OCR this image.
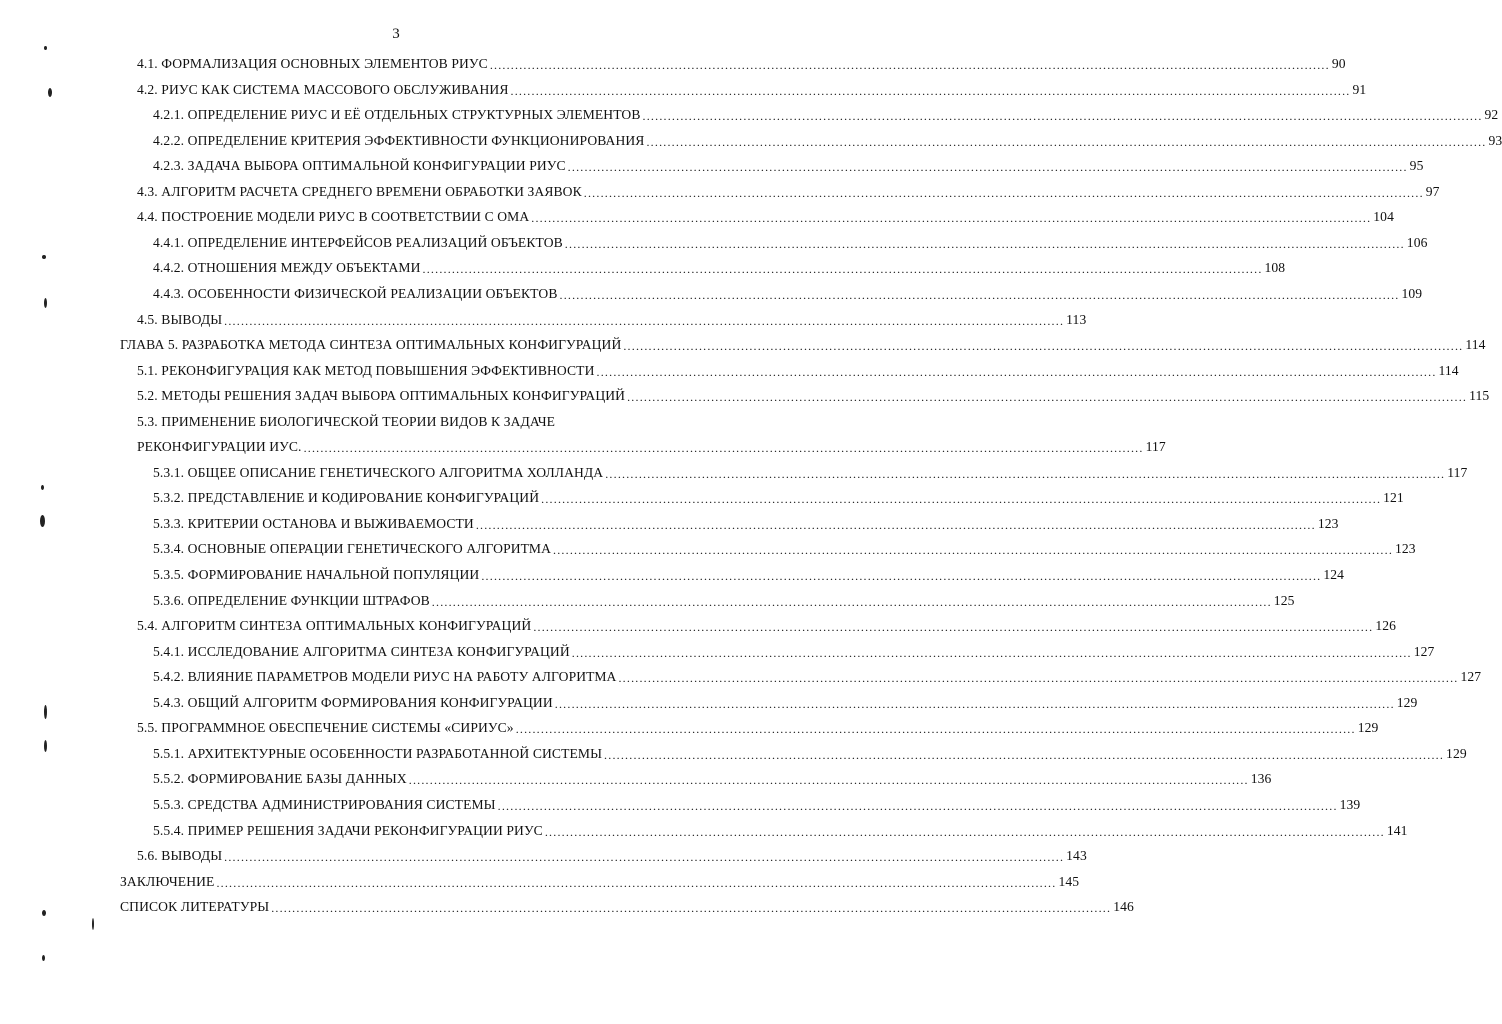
3
4.1. ФОРМАЛИЗАЦИЯ ОСНОВНЫХ ЭЛЕМЕНТОВ РИУС ........................................................................................................................................................................................................ 90
4.2. РИУС КАК СИСТЕМА МАССОВОГО ОБСЛУЖИВАНИЯ ........................................................................................................................................................................................................ 91
4.2.1. ОПРЕДЕЛЕНИЕ РИУС И ЕЁ ОТДЕЛЬНЫХ СТРУКТУРНЫХ ЭЛЕМЕНТОВ ........................................................................................................................................................................................................ 92
4.2.2. ОПРЕДЕЛЕНИЕ КРИТЕРИЯ ЭФФЕКТИВНОСТИ ФУНКЦИОНИРОВАНИЯ ........................................................................................................................................................................................................ 93
4.2.3. ЗАДАЧА ВЫБОРА ОПТИМАЛЬНОЙ КОНФИГУРАЦИИ РИУС ........................................................................................................................................................................................................ 95
4.3. АЛГОРИТМ РАСЧЕТА СРЕДНЕГО ВРЕМЕНИ ОБРАБОТКИ ЗАЯВОК ........................................................................................................................................................................................................ 97
4.4. ПОСТРОЕНИЕ МОДЕЛИ РИУС В СООТВЕТСТВИИ С ОМА ........................................................................................................................................................................................................ 104
4.4.1. ОПРЕДЕЛЕНИЕ ИНТЕРФЕЙСОВ РЕАЛИЗАЦИЙ ОБЪЕКТОВ ........................................................................................................................................................................................................ 106
4.4.2. ОТНОШЕНИЯ МЕЖДУ ОБЪЕКТАМИ ........................................................................................................................................................................................................ 108
4.4.3. ОСОБЕННОСТИ ФИЗИЧЕСКОЙ РЕАЛИЗАЦИИ ОБЪЕКТОВ ........................................................................................................................................................................................................ 109
4.5. ВЫВОДЫ ........................................................................................................................................................................................................ 113
ГЛАВА 5. РАЗРАБОТКА МЕТОДА СИНТЕЗА ОПТИМАЛЬНЫХ КОНФИГУРАЦИЙ ........................................................................................................................................................................................................ 114
5.1. РЕКОНФИГУРАЦИЯ КАК МЕТОД ПОВЫШЕНИЯ ЭФФЕКТИВНОСТИ ........................................................................................................................................................................................................ 114
5.2. МЕТОДЫ РЕШЕНИЯ ЗАДАЧ ВЫБОРА ОПТИМАЛЬНЫХ КОНФИГУРАЦИЙ ........................................................................................................................................................................................................ 115
5.3. ПРИМЕНЕНИЕ БИОЛОГИЧЕСКОЙ ТЕОРИИ ВИДОВ К ЗАДАЧЕ
РЕКОНФИГУРАЦИИ ИУС. ........................................................................................................................................................................................................ 117
5.3.1. ОБЩЕЕ ОПИСАНИЕ ГЕНЕТИЧЕСКОГО АЛГОРИТМА ХОЛЛАНДА ........................................................................................................................................................................................................ 117
5.3.2. ПРЕДСТАВЛЕНИЕ И КОДИРОВАНИЕ КОНФИГУРАЦИЙ ........................................................................................................................................................................................................ 121
5.3.3. КРИТЕРИИ ОСТАНОВА И ВЫЖИВАЕМОСТИ ........................................................................................................................................................................................................ 123
5.3.4. ОСНОВНЫЕ ОПЕРАЦИИ ГЕНЕТИЧЕСКОГО АЛГОРИТМА ........................................................................................................................................................................................................ 123
5.3.5. ФОРМИРОВАНИЕ НАЧАЛЬНОЙ ПОПУЛЯЦИИ ........................................................................................................................................................................................................ 124
5.3.6. ОПРЕДЕЛЕНИЕ ФУНКЦИИ ШТРАФОВ ........................................................................................................................................................................................................ 125
5.4. АЛГОРИТМ СИНТЕЗА ОПТИМАЛЬНЫХ КОНФИГУРАЦИЙ ........................................................................................................................................................................................................ 126
5.4.1. ИССЛЕДОВАНИЕ АЛГОРИТМА СИНТЕЗА КОНФИГУРАЦИЙ ........................................................................................................................................................................................................ 127
5.4.2. ВЛИЯНИЕ ПАРАМЕТРОВ МОДЕЛИ РИУС НА РАБОТУ АЛГОРИТМА ........................................................................................................................................................................................................ 127
5.4.3. ОБЩИЙ АЛГОРИТМ ФОРМИРОВАНИЯ КОНФИГУРАЦИИ ........................................................................................................................................................................................................ 129
5.5. ПРОГРАММНОЕ ОБЕСПЕЧЕНИЕ СИСТЕМЫ «СИРИУС» ........................................................................................................................................................................................................ 129
5.5.1. АРХИТЕКТУРНЫЕ ОСОБЕННОСТИ РАЗРАБОТАННОЙ СИСТЕМЫ ........................................................................................................................................................................................................ 129
5.5.2. ФОРМИРОВАНИЕ БАЗЫ ДАННЫХ ........................................................................................................................................................................................................ 136
5.5.3. СРЕДСТВА АДМИНИСТРИРОВАНИЯ СИСТЕМЫ ........................................................................................................................................................................................................ 139
5.5.4. ПРИМЕР РЕШЕНИЯ ЗАДАЧИ РЕКОНФИГУРАЦИИ РИУС ........................................................................................................................................................................................................ 141
5.6. ВЫВОДЫ ........................................................................................................................................................................................................ 143
ЗАКЛЮЧЕНИЕ ........................................................................................................................................................................................................ 145
СПИСОК ЛИТЕРАТУРЫ ........................................................................................................................................................................................................ 146
